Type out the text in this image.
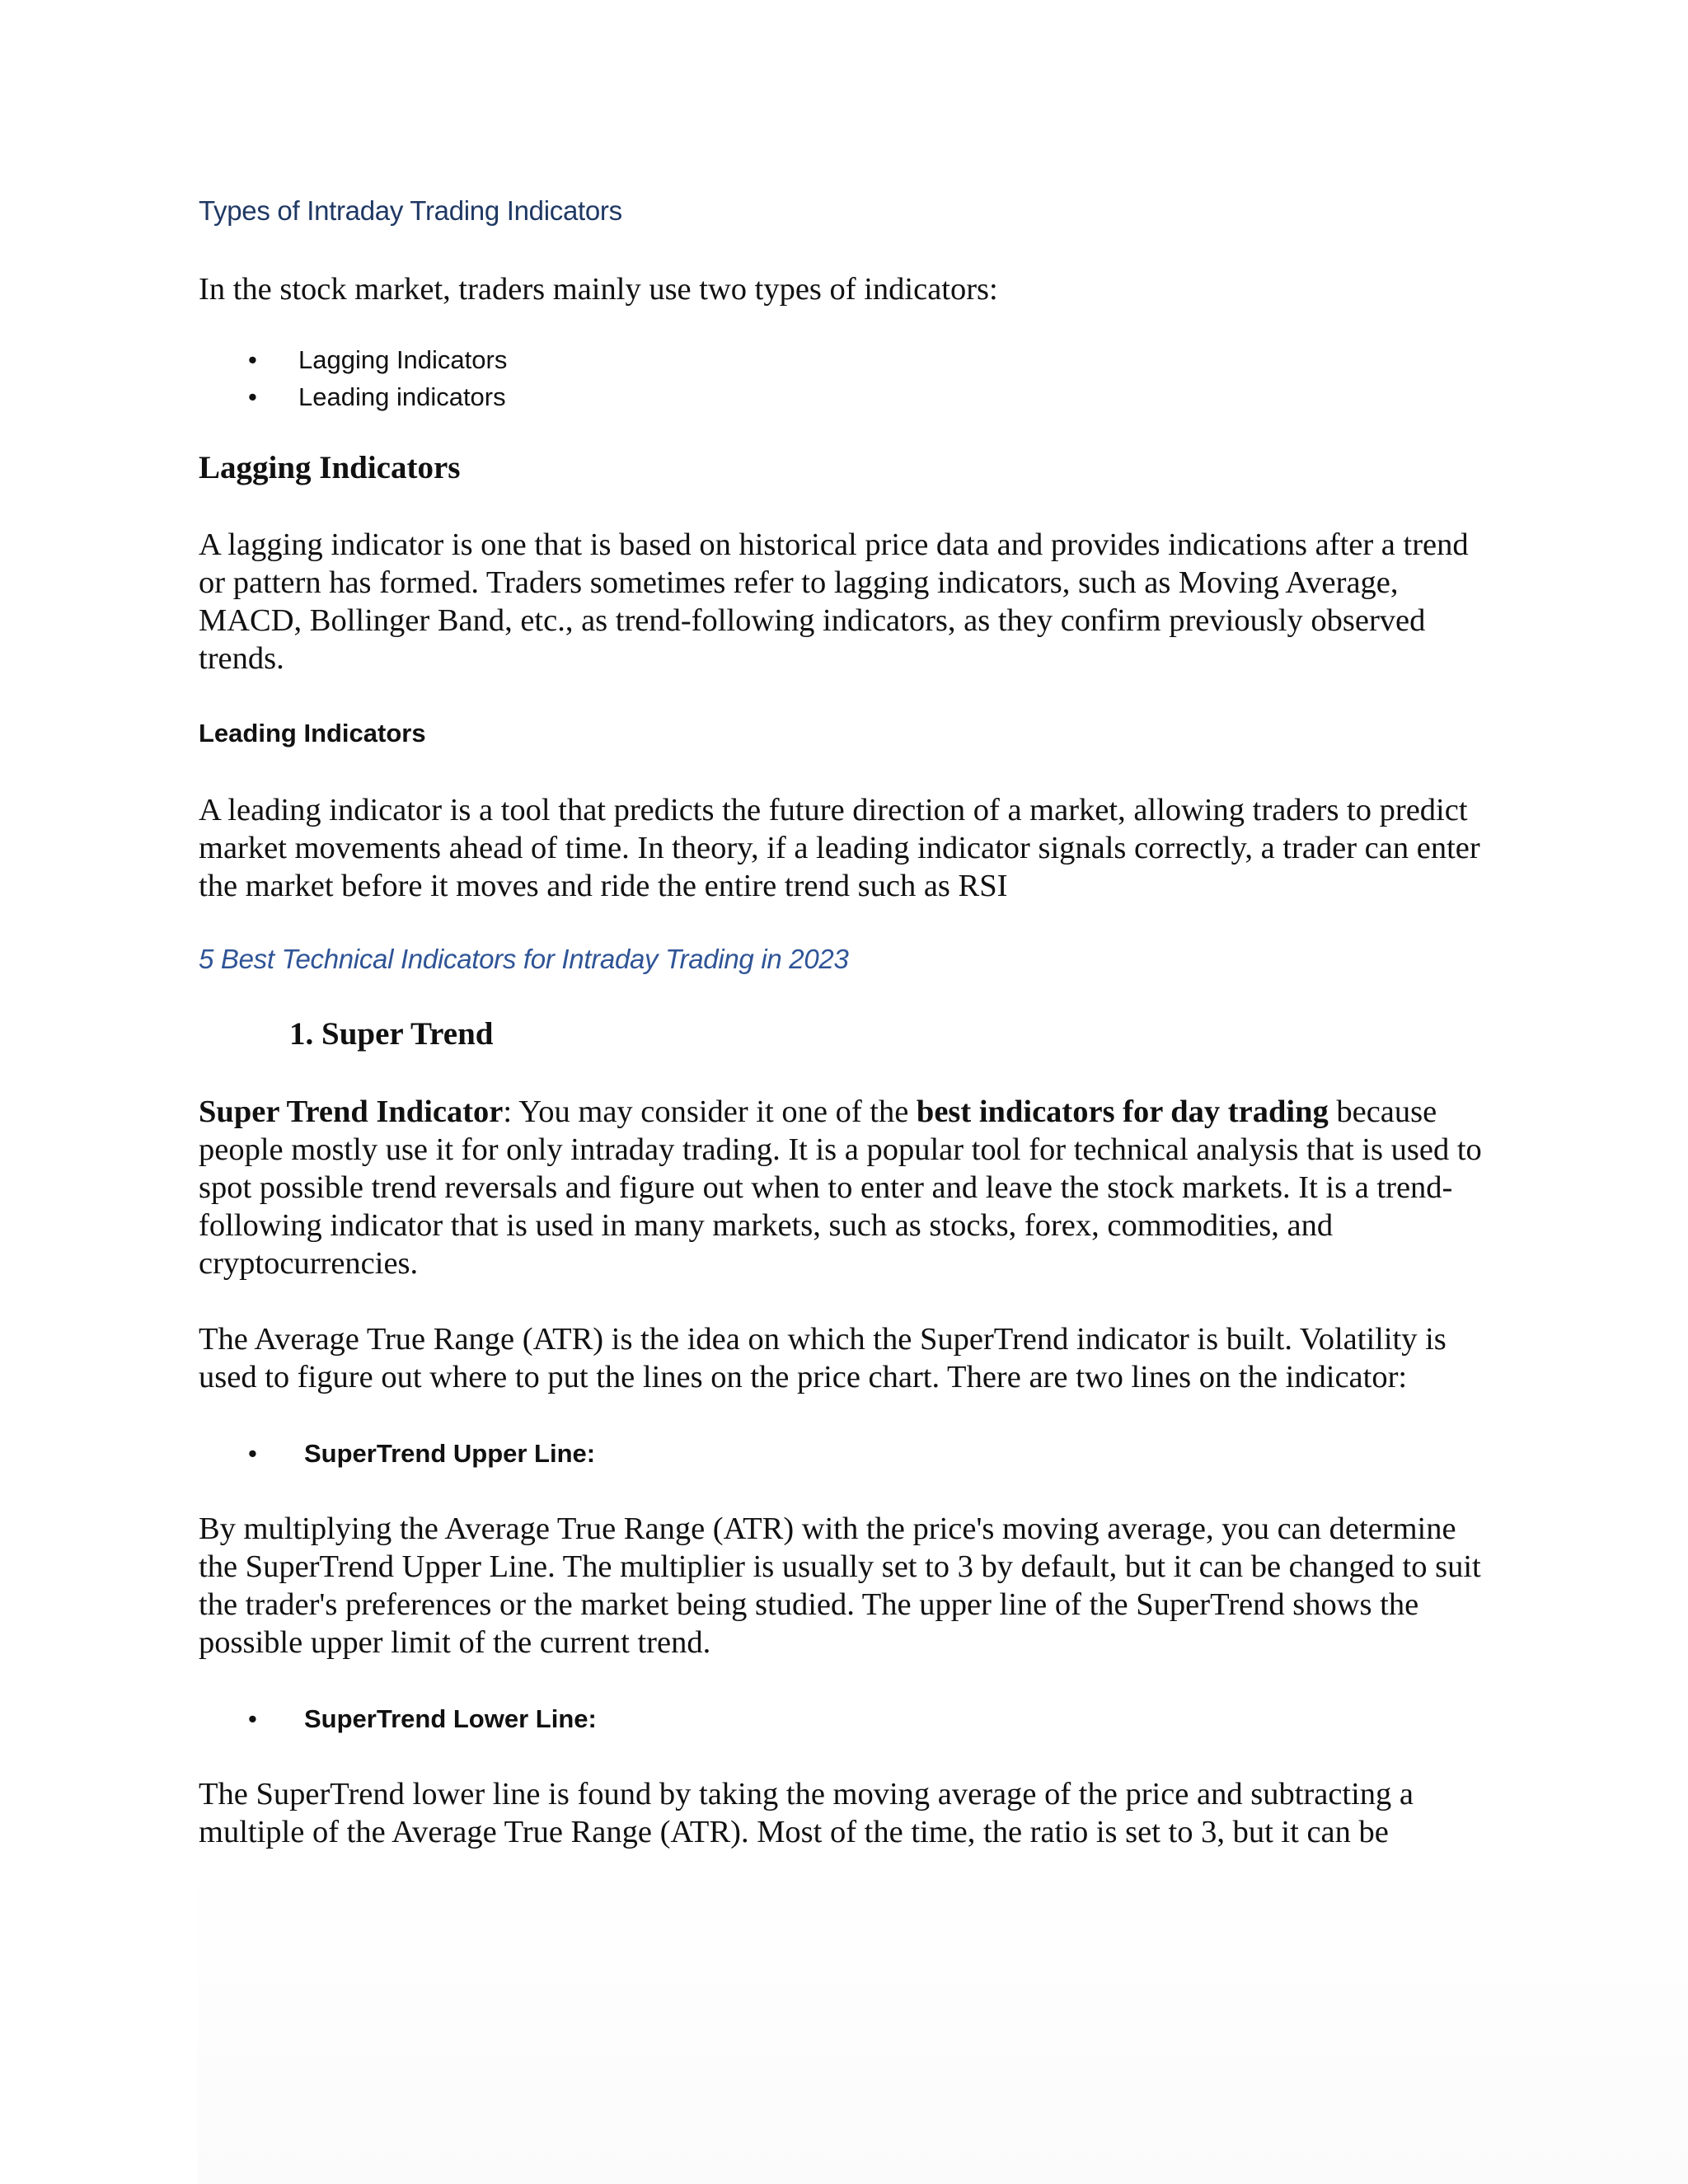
Types of Intraday Trading Indicators

In the stock market, traders mainly use two types of indicators:

• Lagging Indicators
• Leading indicators
Lagging Indicators

A lagging indicator is one that is based on historical price data and provides indications after a trend or pattern has formed. Traders sometimes refer to lagging indicators, such as Moving Average, MACD, Bollinger Band, etc., as trend-following indicators, as they confirm previously observed trends.

Leading Indicators

A leading indicator is a tool that predicts the future direction of a market, allowing traders to predict market movements ahead of time. In theory, if a leading indicator signals correctly, a trader can enter the market before it moves and ride the entire trend such as RSI

5 Best Technical Indicators for Intraday Trading in 2023

1. Super Trend

Super Trend Indicator: You may consider it one of the best indicators for day trading because people mostly use it for only intraday trading. It is a popular tool for technical analysis that is used to spot possible trend reversals and figure out when to enter and leave the stock markets. It is a trend-following indicator that is used in many markets, such as stocks, forex, commodities, and cryptocurrencies.

The Average True Range (ATR) is the idea on which the SuperTrend indicator is built. Volatility is used to figure out where to put the lines on the price chart. There are two lines on the indicator:

• SuperTrend Upper Line:

By multiplying the Average True Range (ATR) with the price's moving average, you can determine the SuperTrend Upper Line. The multiplier is usually set to 3 by default, but it can be changed to suit the trader's preferences or the market being studied. The upper line of the SuperTrend shows the possible upper limit of the current trend.

• SuperTrend Lower Line:

The SuperTrend lower line is found by taking the moving average of the price and subtracting a multiple of the Average True Range (ATR). Most of the time, the ratio is set to 3, but it can be
